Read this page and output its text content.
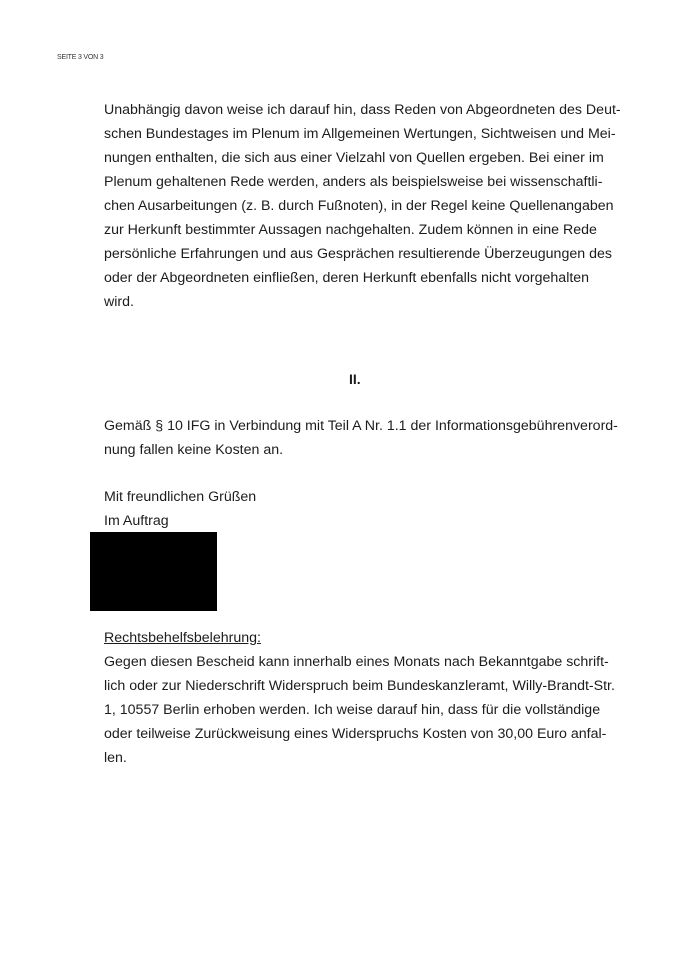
SEITE 3 VON 3
Unabhängig davon weise ich darauf hin, dass Reden von Abgeordneten des Deut-
schen Bundestages im Plenum im Allgemeinen Wertungen, Sichtweisen und Mei-
nungen enthalten, die sich aus einer Vielzahl von Quellen ergeben. Bei einer im
Plenum gehaltenen Rede werden, anders als beispielsweise bei wissenschaftli-
chen Ausarbeitungen (z. B. durch Fußnoten), in der Regel keine Quellenangaben
zur Herkunft bestimmter Aussagen nachgehalten. Zudem können in eine Rede
persönliche Erfahrungen und aus Gesprächen resultierende Überzeugungen des
oder der Abgeordneten einfließen, deren Herkunft ebenfalls nicht vorgehalten
wird.
II.
Gemäß § 10 IFG in Verbindung mit Teil A Nr. 1.1 der Informationsgebührenverord-
nung fallen keine Kosten an.
Mit freundlichen Grüßen
Im Auftrag
Rechtsbehelfsbelehrung:
Gegen diesen Bescheid kann innerhalb eines Monats nach Bekanntgabe schrift-
lich oder zur Niederschrift Widerspruch beim Bundeskanzleramt, Willy-Brandt-Str.
1, 10557 Berlin erhoben werden. Ich weise darauf hin, dass für die vollständige
oder teilweise Zurückweisung eines Widerspruchs Kosten von 30,00 Euro anfal-
len.
